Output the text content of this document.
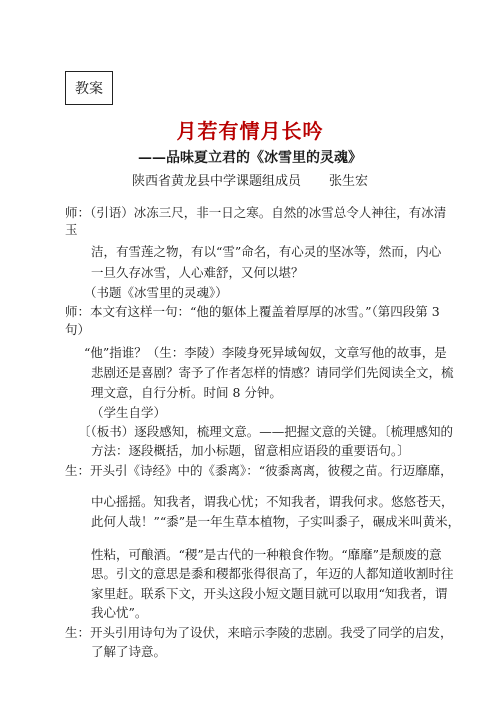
教案
月若有情月长吟
——品味夏立君的《冰雪里的灵魂》
陕西省黄龙县中学课题组成员 张生宏
师：（引语）冰冻三尺，非一日之寒。自然的冰雪总令人神往，有冰清
玉
洁，有雪莲之物，有以“雪”命名，有心灵的坚冰等，然而，内心
一旦久存冰雪，人心难舒，又何以堪？
（书题《冰雪里的灵魂》）
师：本文有这样一句：“他的躯体上覆盖着厚厚的冰雪。”（第四段第 3
句）
“他”指谁？（生：李陵）李陵身死异域匈奴，文章写他的故事，是
悲剧还是喜剧？寄予了作者怎样的情感？请同学们先阅读全文，梳
理文意，自行分析。时间 8 分钟。
（学生自学）
〔（板书）逐段感知，梳理文意。——把握文意的关键。〔梳理感知的
方法：逐段概括，加小标题，留意相应语段的重要语句。〕
生：开头引《诗经》中的《黍离》：“彼黍离离，彼稷之苗。行迈靡靡，
中心摇摇。知我者，谓我心忧；不知我者，谓我何求。悠悠苍天，
此何人哉！”“黍”是一年生草本植物，子实叫黍子，碾成米叫黄米，
性粘，可酿酒。“稷”是古代的一种粮食作物。“靡靡”是颓废的意
思。引文的意思是黍和稷都张得很高了，年迈的人都知道收割时往
家里赶。联系下文，开头这段小短文题目就可以取用“知我者，谓
我心忧”。
生：开头引用诗句为了设伏，来暗示李陵的悲剧。我受了同学的启发，
了解了诗意。
